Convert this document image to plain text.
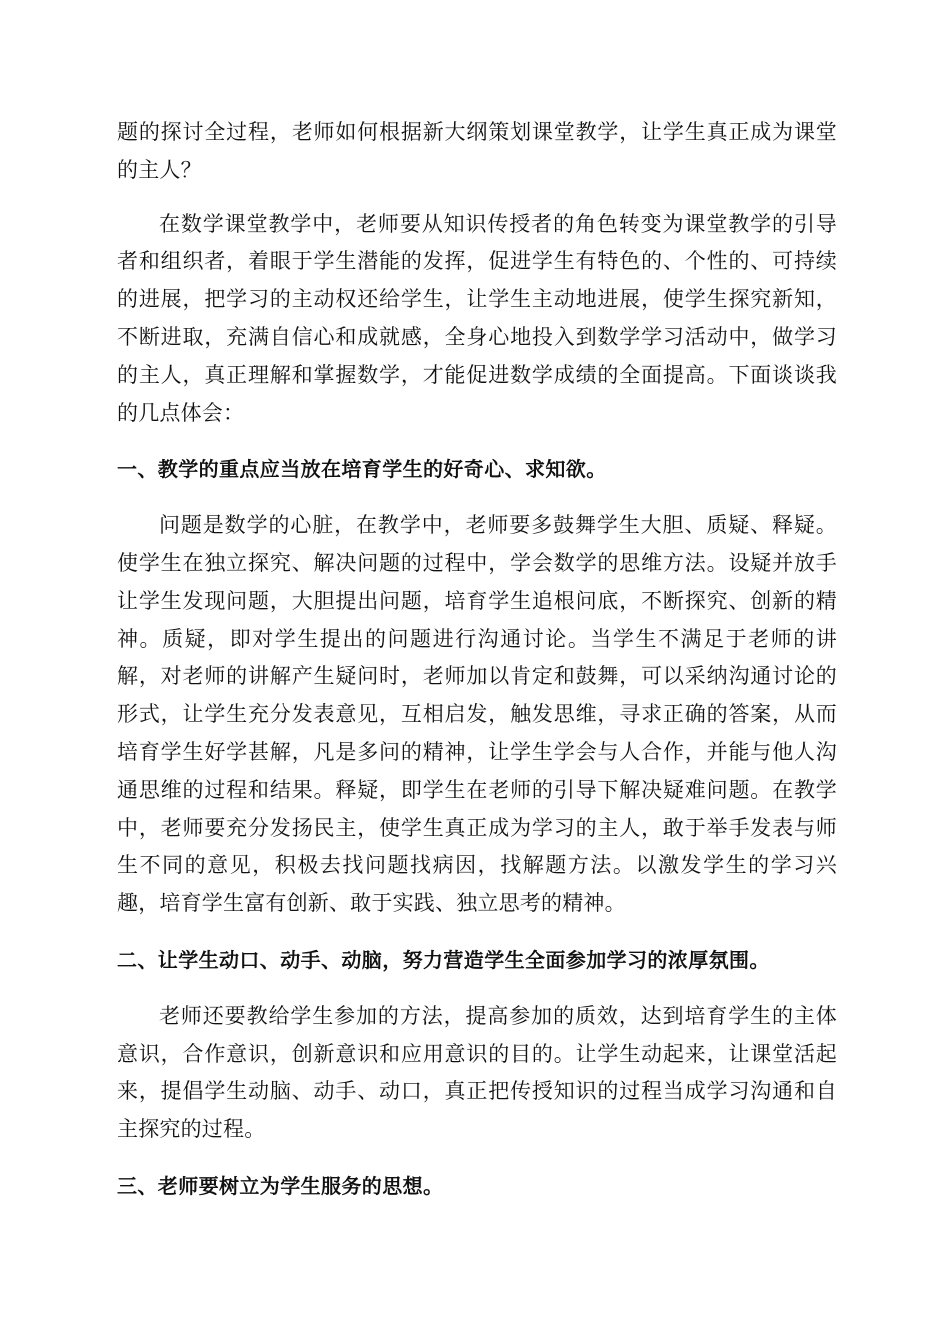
题的探讨全过程，老师如何根据新大纲策划课堂教学，让学生真正成为课堂的主人？

在数学课堂教学中，老师要从知识传授者的角色转变为课堂教学的引导者和组织者，着眼于学生潜能的发挥，促进学生有特色的、个性的、可持续的进展，把学习的主动权还给学生，让学生主动地进展，使学生探究新知，不断进取，充满自信心和成就感，全身心地投入到数学学习活动中，做学习的主人，真正理解和掌握数学，才能促进数学成绩的全面提高。下面谈谈我的几点体会：

一、教学的重点应当放在培育学生的好奇心、求知欲。

问题是数学的心脏，在教学中，老师要多鼓舞学生大胆、质疑、释疑。使学生在独立探究、解决问题的过程中，学会数学的思维方法。设疑并放手让学生发现问题，大胆提出问题，培育学生追根问底，不断探究、创新的精神。质疑，即对学生提出的问题进行沟通讨论。当学生不满足于老师的讲解，对老师的讲解产生疑问时，老师加以肯定和鼓舞，可以采纳沟通讨论的形式，让学生充分发表意见，互相启发，触发思维，寻求正确的答案，从而培育学生好学甚解，凡是多问的精神，让学生学会与人合作，并能与他人沟通思维的过程和结果。释疑，即学生在老师的引导下解决疑难问题。在教学中，老师要充分发扬民主，使学生真正成为学习的主人，敢于举手发表与师生不同的意见，积极去找问题找病因，找解题方法。以激发学生的学习兴趣，培育学生富有创新、敢于实践、独立思考的精神。

二、让学生动口、动手、动脑，努力营造学生全面参加学习的浓厚氛围。

老师还要教给学生参加的方法，提高参加的质效，达到培育学生的主体意识，合作意识，创新意识和应用意识的目的。让学生动起来，让课堂活起来，提倡学生动脑、动手、动口，真正把传授知识的过程当成学习沟通和自主探究的过程。

三、老师要树立为学生服务的思想。
